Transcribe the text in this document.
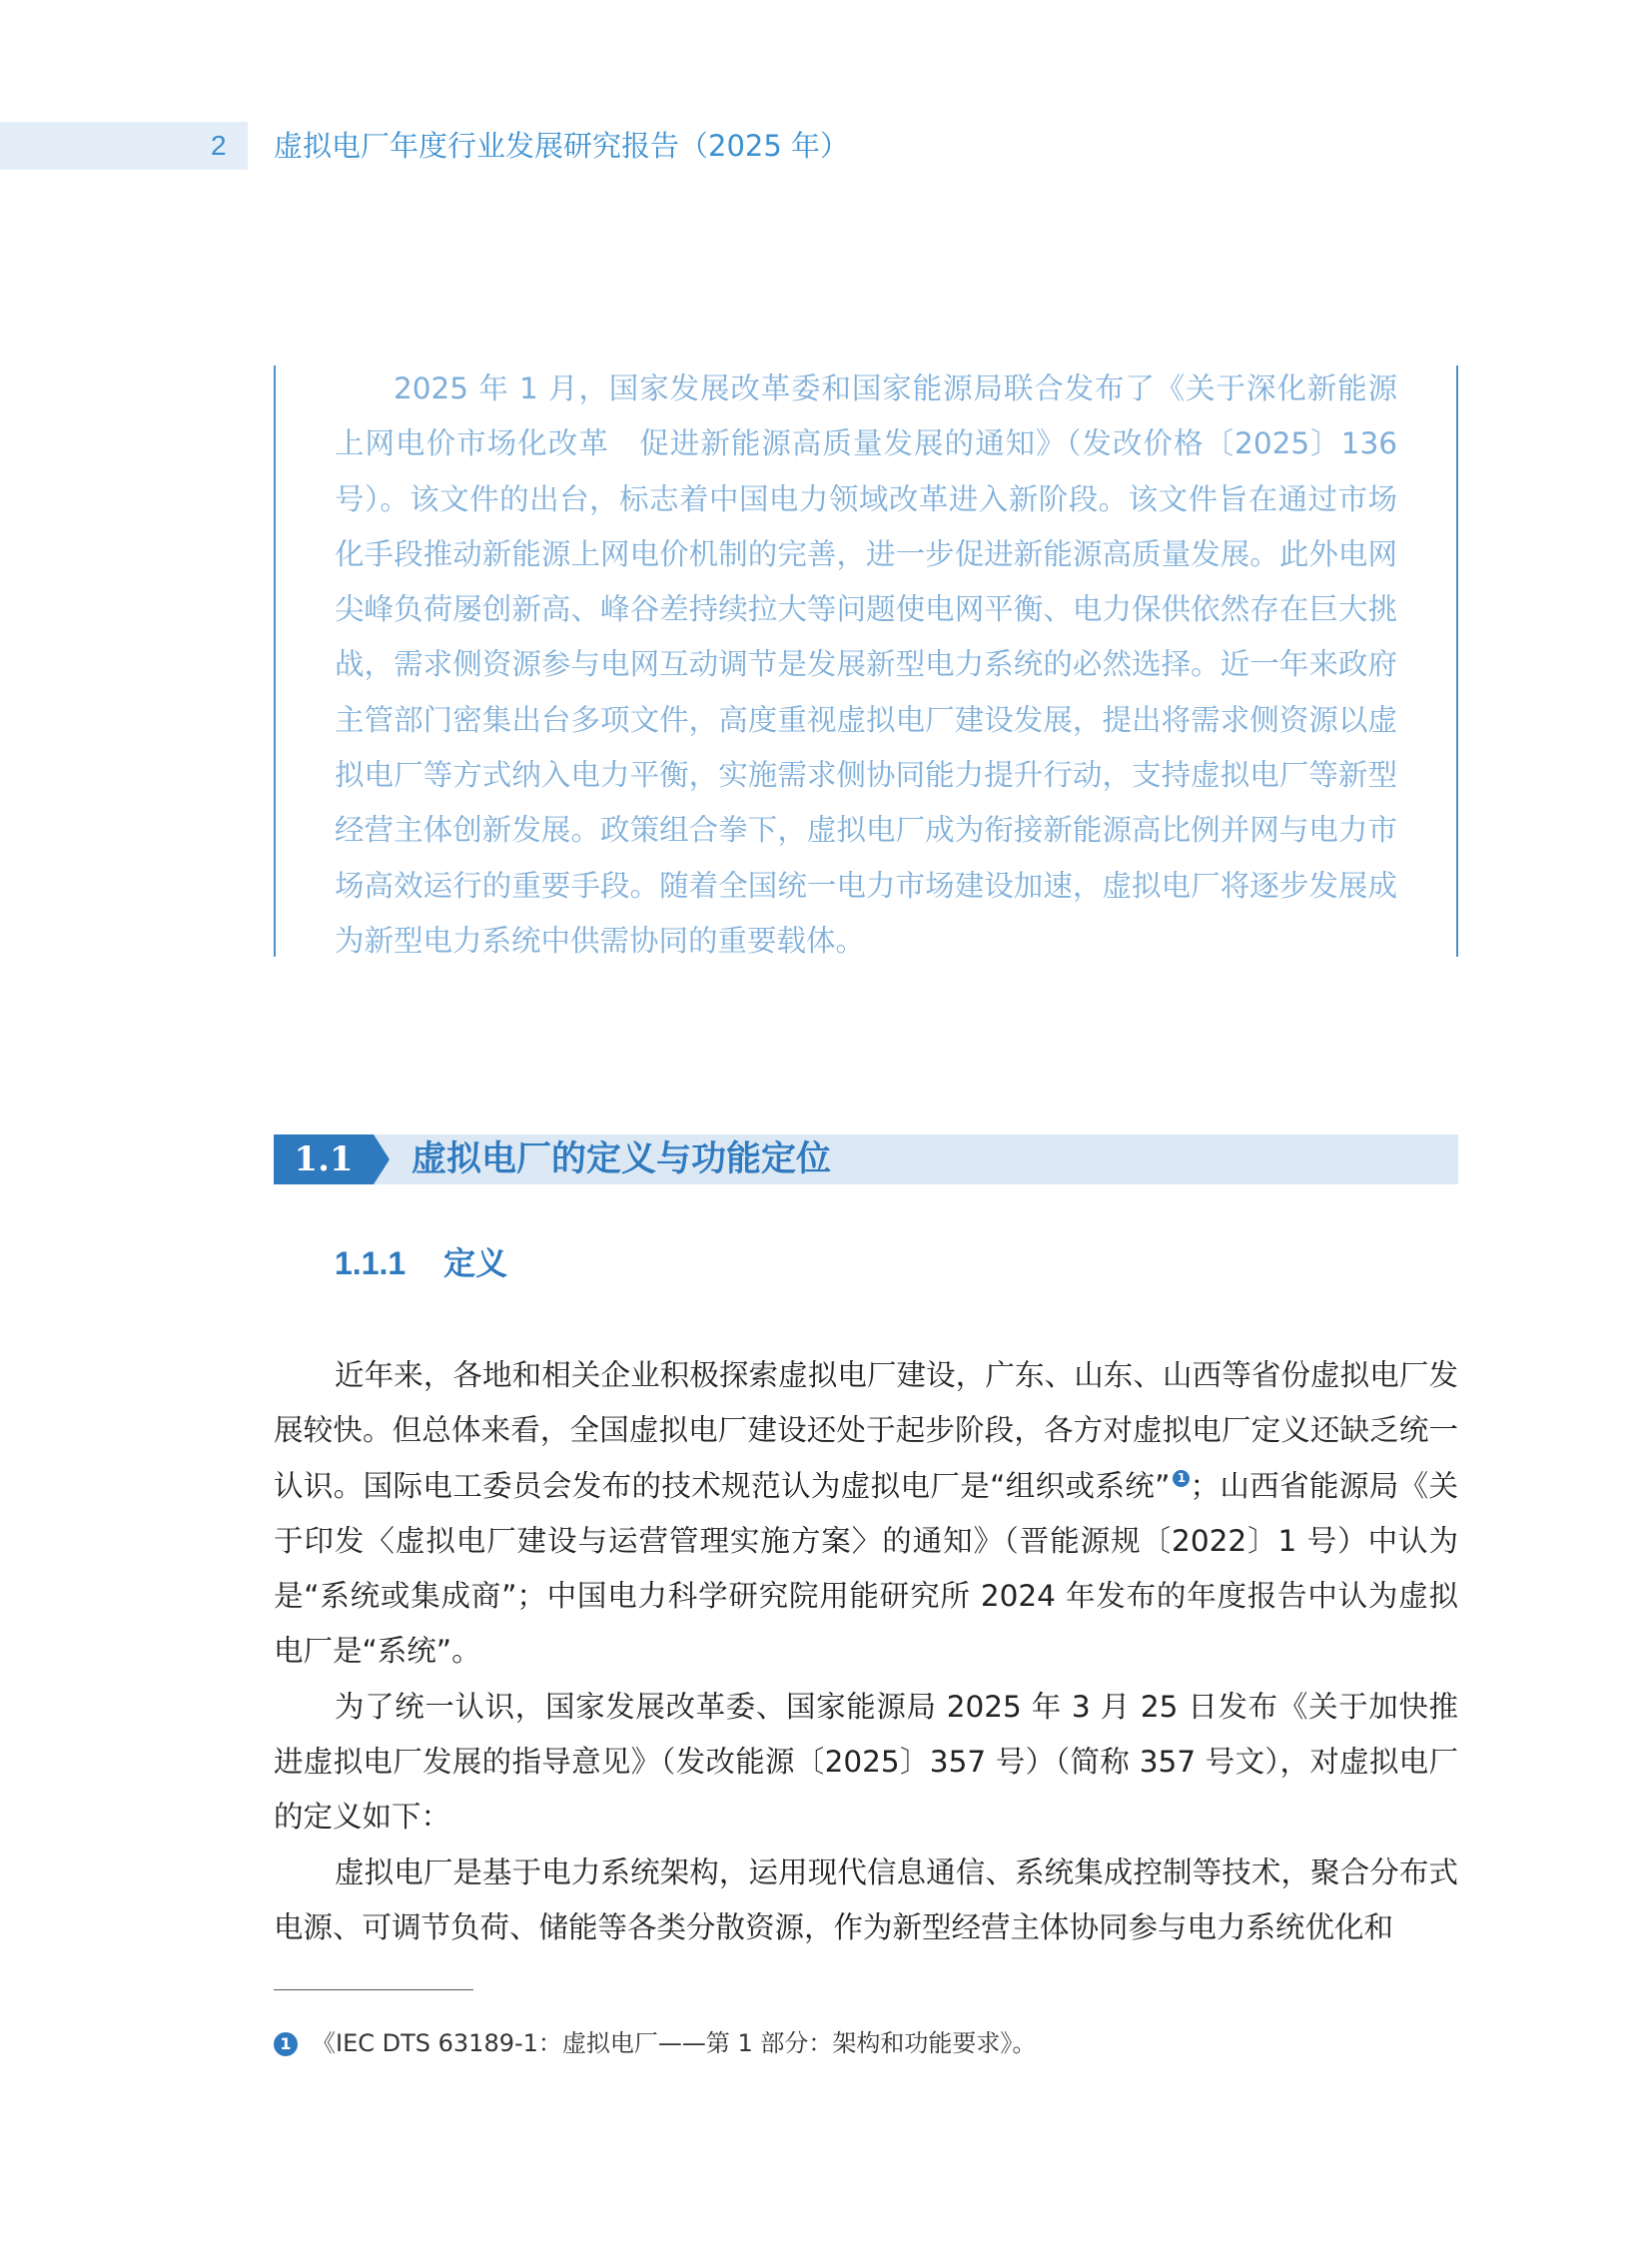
2 虚拟电厂年度行业发展研究报告（2025 年）

2025 年 1 月，国家发展改革委和国家能源局联合发布了《关于深化新能源上网电价市场化改革　促进新能源高质量发展的通知》（发改价格〔2025〕136 号）。该文件的出台，标志着中国电力领域改革进入新阶段。该文件旨在通过市场化手段推动新能源上网电价机制的完善，进一步促进新能源高质量发展。此外电网尖峰负荷屡创新高、峰谷差持续拉大等问题使电网平衡、电力保供依然存在巨大挑战，需求侧资源参与电网互动调节是发展新型电力系统的必然选择。近一年来政府主管部门密集出台多项文件，高度重视虚拟电厂建设发展，提出将需求侧资源以虚拟电厂等方式纳入电力平衡，实施需求侧协同能力提升行动，支持虚拟电厂等新型经营主体创新发展。政策组合拳下，虚拟电厂成为衔接新能源高比例并网与电力市场高效运行的重要手段。随着全国统一电力市场建设加速，虚拟电厂将逐步发展成为新型电力系统中供需协同的重要载体。

1.1	虚拟电厂的定义与功能定位
1.1.1 定义

近年来，各地和相关企业积极探索虚拟电厂建设，广东、山东、山西等省份虚拟电厂发展较快。但总体来看，全国虚拟电厂建设还处于起步阶段，各方对虚拟电厂定义还缺乏统一认识。国际电工委员会发布的技术规范认为虚拟电厂是“组织或系统” 1 ；山西省能源局《关于印发〈虚拟电厂建设与运营管理实施方案〉的通知》（晋能源规〔2022〕1 号）中认为是“系统或集成商”；中国电力科学研究院用能研究所 2024 年发布的年度报告中认为虚拟电厂是“系统”。

为了统一认识，国家发展改革委、国家能源局 2025 年 3 月 25 日发布《关于加快推进虚拟电厂发展的指导意见》（发改能源〔2025〕357 号）（简称 357 号文），对虚拟电厂的定义如下：

虚拟电厂是基于电力系统架构，运用现代信息通信、系统集成控制等技术，聚合分布式电源、可调节负荷、储能等各类分散资源，作为新型经营主体协同参与电力系统优化和

1 《IEC DTS 63189-1：虚拟电厂——第 1 部分：架构和功能要求》。
